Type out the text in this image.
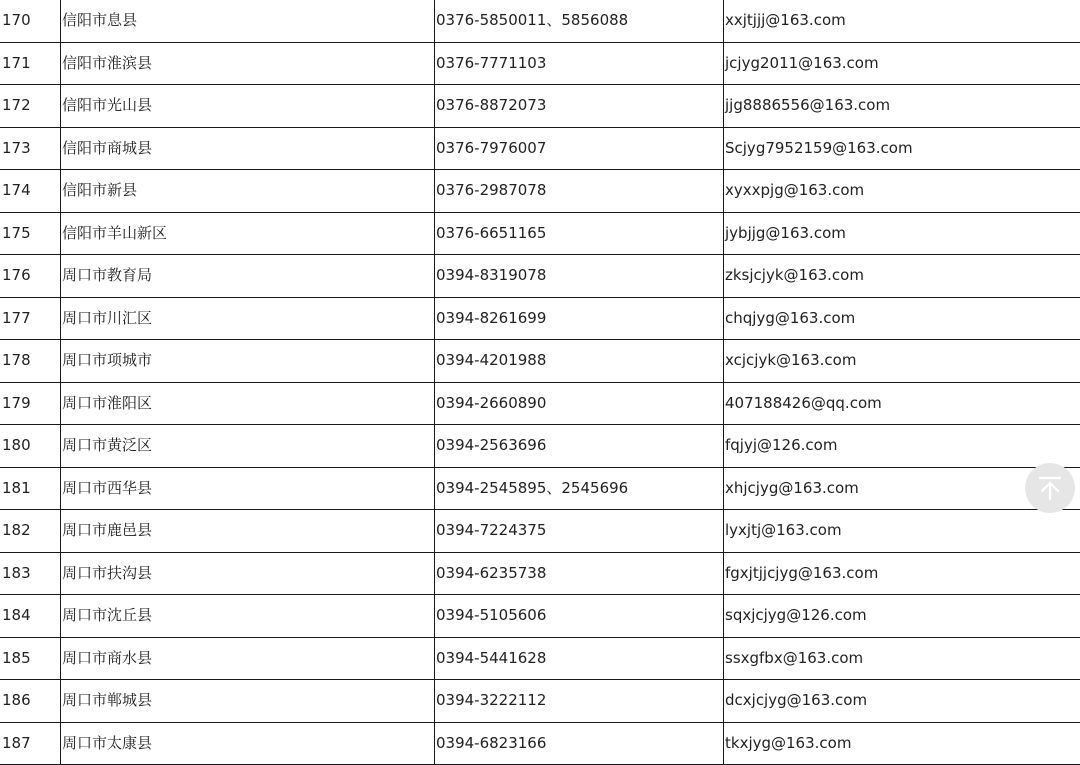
170	信阳市息县	0376-5850011、5856088	xxjtjjj@163.com
171	信阳市淮滨县	0376-7771103	jcjyg2011@163.com
172	信阳市光山县	0376-8872073	jjg8886556@163.com
173	信阳市商城县	0376-7976007	Scjyg7952159@163.com
174	信阳市新县	0376-2987078	xyxxpjg@163.com
175	信阳市羊山新区	0376-6651165	jybjjg@163.com
176	周口市教育局	0394-8319078	zksjcjyk@163.com
177	周口市川汇区	0394-8261699	chqjyg@163.com
178	周口市项城市	0394-4201988	xcjcjyk@163.com
179	周口市淮阳区	0394-2660890	407188426@qq.com
180	周口市黄泛区	0394-2563696	fqjyj@126.com
181	周口市西华县	0394-2545895、2545696	xhjcjyg@163.com
182	周口市鹿邑县	0394-7224375	lyxjtj@163.com
183	周口市扶沟县	0394-6235738	fgxjtjjcjyg@163.com
184	周口市沈丘县	0394-5105606	sqxjcjyg@126.com
185	周口市商水县	0394-5441628	ssxgfbx@163.com
186	周口市郸城县	0394-3222112	dcxjcjyg@163.com
187	周口市太康县	0394-6823166	tkxjyg@163.com
